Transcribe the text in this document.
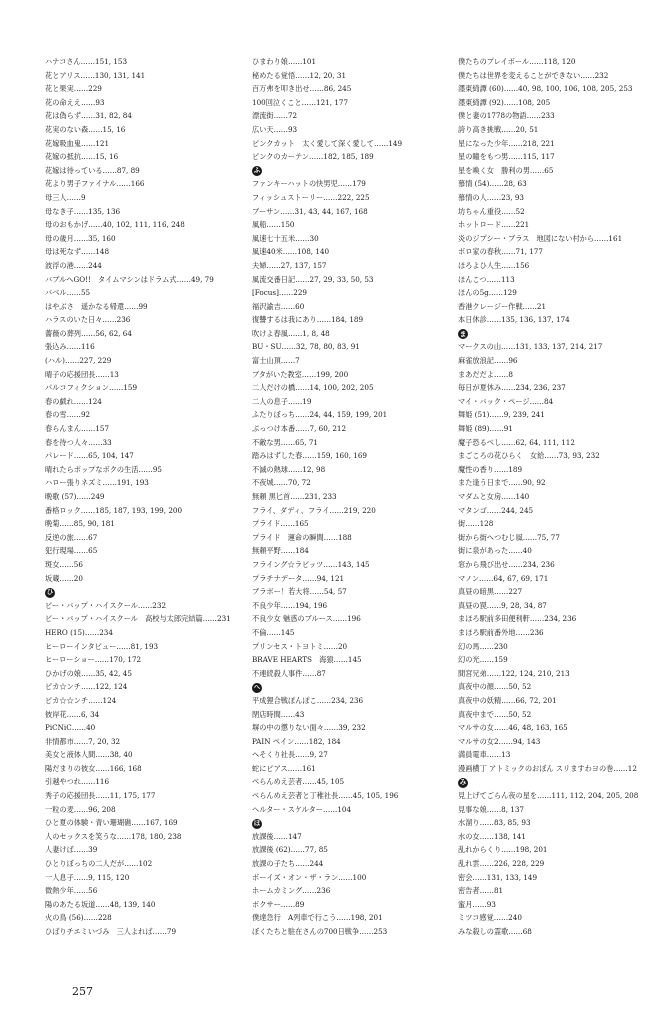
ハナコさん……151, 153
花とアリス……130, 131, 141
花と果実……229
花の命ええ……93
花は偽らず……31, 82, 84
花実のない森……15, 16
花嫁吸血鬼……121
花嫁の抵抗……15, 16
花嫁は待っている……87, 89
花より男子ファイナル……166
母三人……9
母なき子……135, 136
母のおもかげ……40, 102, 111, 116, 248
母の歳月……35, 160
母は死なず……148
波浮の港……244
バブルへGO!!　タイムマシンはドラム式……49, 79
バベル……55
はやぶさ　遥かなる帰還……99
ハラスのいた日々……236
薔薇の葬列……56, 62, 64
張込み……116
(ハル)……227, 229
晴子の応援団長……13
パルコフィクション……159
春の戯れ……124
春の雪……92
春らんまん……157
春を待つ人々……33
パレード……65, 104, 147
晴れたらポップなボクの生活……95
ハロー張りネズミ……191, 193
晩歌 (57)……249
番格ロック……185, 187, 193, 199, 200
晩菊……85, 90, 181
反逆の旅……67
犯行現場……65
斑女……56
坂蔵……20
ひ
ビー・バップ・ハイスクール……232
ビー・バップ・ハイスクール　高校与太郎完結篇……231
HERO (15)……234
ヒーローインタビュー……81, 193
ヒーローショー……170, 172
ひかげの娘……35, 42, 45
ピカ☆ンチ……122, 124
ピカ☆☆ンチ……124
彼岸花……6, 34
PiCNiC……40
非情都市……7, 20, 32
美女と液体人間……38, 40
陽だまりの彼女……166, 168
引越やつれ……116
秀子の応援団長……11, 175, 177
一粒の麦……96, 208
ひと夏の体験・青い珊瑚礁……167, 169
人のセックスを笑うな……178, 180, 238
人妻けば……39
ひとりぼっちの二人だが……102
一人息子……9, 115, 120
微熱少年……56
陽のあたる坂道……48, 139, 140
火の鳥 (56)……228
ひばりチエミいづみ　三人よれば……79
ひまわり娘……101
秘めたる覚悟……12, 20, 31
百万弗を叩き出せ……86, 245
100回泣くこと……121, 177
漂流街……72
広い天……93
ピンクカット　太く愛して深く愛して……149
ピンクのカーテン……182, 185, 189
ふ
ファンキーハットの快男児……179
フィッシュストーリー……222, 225
ブーサン……31, 43, 44, 167, 168
風船……150
風速七十五米……30
風速40米……108, 140
夫婦……27, 137, 157
風流交番日記……27, 29, 33, 50, 53
[Focus]……229
福沢諭吉……60
復讐するは我にあり……184, 189
吹けよ春風……1, 8, 48
BU・SU……32, 78, 80, 83, 91
富士山頂……7
ブタがいた教室……199, 200
二人だけの橋……14, 100, 202, 205
二人の息子……19
ふたりぼっち……24, 44, 159, 199, 201
ぶっつけ本番……7, 60, 212
不敵な男……65, 71
踏みはずした春……159, 160, 169
不滅の熱球……12, 98
不夜城……70, 72
無頼 黒匕首……231, 233
フライ、ダディ、フライ……219, 220
プライド……165
プライド　運命の瞬間……188
無頼平野……184
フライング☆ラビッツ……143, 145
プラチナデータ……94, 121
ブラボー！若大将……54, 57
不良少年……194, 196
不良少女 魅惑のブルース……196
不倫……145
プリンセス・トヨトミ……20
BRAVE HEARTS　海猿……145
不連続殺人事件……87
へ
平成狸合戦ぽんぽこ……234, 236
閉店時間……43
塀の中の懲りない面々……39, 232
PAIN ペイン……182, 184
へそくり社長……9, 27
蛇にピアス……161
べらんめえ芸者……45, 105
べらんめえ芸者と丁稚社長……45, 105, 196
ヘルター・スケルター……104
ほ
放課後……147
放課後 (62)……77, 85
放課の子たち……244
ボーイズ・オン・ザ・ラン……100
ホームカミング……236
ボクサー……89
僕達急行　A列車で行こう……198, 201
ぼくたちと駐在さんの700日戦争……253
僕たちのプレイボール……118, 120
僕たちは世界を変えることができない……232
濹東綺譚 (60)……40, 98, 100, 106, 108, 205, 253
濹東綺譚 (92)……108, 205
僕と妻の1778の物語……233
誇り高き挑戦……20, 51
星になった少年……218, 221
星の瞳をもつ男……115, 117
星を喚く女　勝利の男……65
慕情 (54)……28, 63
慕情の人……23, 93
坊ちゃん重役……52
ホットロード……221
炎のジプシー・ブラス　地図にない村から……161
ボロ家の春秋……71, 177
ほろよひ人生……156
ほんこつ……113
ほんの5g……129
香港クレージー作戦……21
本日休診……135, 136, 137, 174
ま
マークスの山……131, 133, 137, 214, 217
麻雀放浪記……96
まあだだよ……8
毎日が夏休み……234, 236, 237
マイ・バック・ページ……84
舞姫 (51)……9, 239, 241
舞姫 (89)……91
魔子恐るべし……62, 64, 111, 112
まごころの花ひらく　女給……73, 93, 232
魔性の香り……189
また逢う日まで……90, 92
マダムと女房……140
マタンゴ……244, 245
街……128
街から街へつむじ風……75, 77
街に泉があった……40
窓から飛び出せ……234, 236
マノン……64, 67, 69, 171
真昼の暗黒……227
真昼の罠……9, 28, 34, 87
まほろ駅前多田便利軒……234, 236
まほろ駅前番外地……236
幻の馬……230
幻の光……159
間宮兄弟……122, 124, 210, 213
真夜中の顔……50, 52
真夜中の妖精……66, 72, 201
真夜中まで……50, 52
マルサの女……46, 48, 163, 165
マルサの女2……94, 143
満員電車……13
漫画横丁 アトミックのおぼん スリますわヨの巻……12
み
見上げてごらん夜の星を……111, 112, 204, 205, 208
見事な娘……8, 137
水溜り……83, 85, 93
水の女……138, 141
乱れからくり……198, 201
乱れ雲……226, 228, 229
密会……131, 133, 149
密告者……81
蜜月……93
ミツコ感覚……240
みな殺しの霊歌……68
257
